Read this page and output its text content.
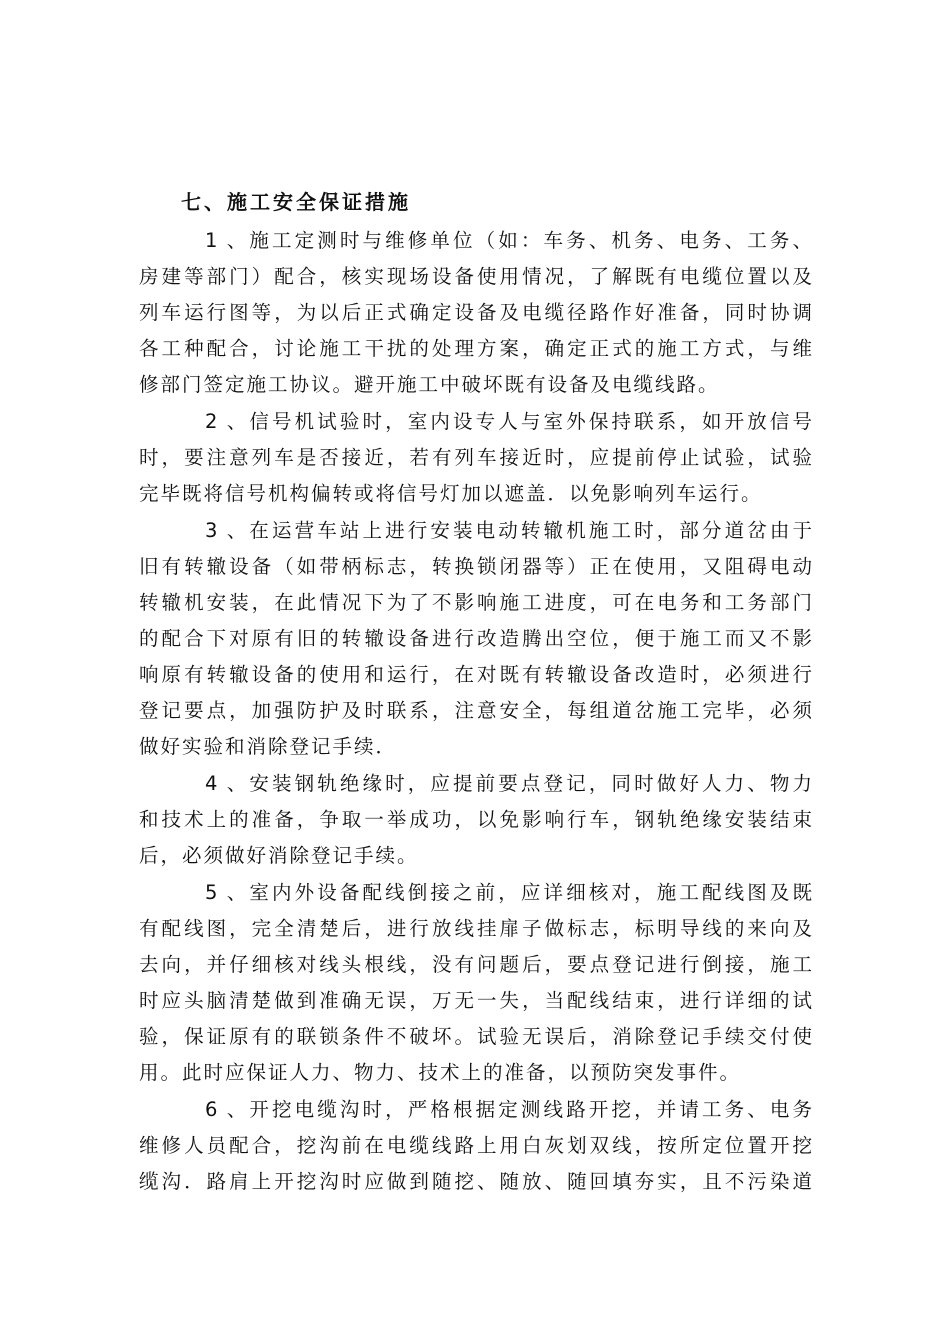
七、施工安全保证措施
1 、施工定测时与维修单位（如：车务、机务、电务、工务、
房建等部门）配合，核实现场设备使用情况，了解既有电缆位置以及
列车运行图等，为以后正式确定设备及电缆径路作好准备，同时协调
各工种配合，讨论施工干扰的处理方案，确定正式的施工方式，与维
修部门签定施工协议。避开施工中破坏既有设备及电缆线路。
2 、信号机试验时，室内设专人与室外保持联系，如开放信号
时，要注意列车是否接近，若有列车接近时，应提前停止试验，试验
完毕既将信号机构偏转或将信号灯加以遮盖．以免影响列车运行。
3 、在运营车站上进行安装电动转辙机施工时，部分道岔由于
旧有转辙设备（如带柄标志，转换锁闭器等）正在使用，又阻碍电动
转辙机安装，在此情况下为了不影响施工进度，可在电务和工务部门
的配合下对原有旧的转辙设备进行改造腾出空位，便于施工而又不影
响原有转辙设备的使用和运行，在对既有转辙设备改造时，必须进行
登记要点，加强防护及时联系，注意安全，每组道岔施工完毕，必须
做好实验和消除登记手续．
4 、安装钢轨绝缘时，应提前要点登记，同时做好人力、物力
和技术上的准备，争取一举成功，以免影响行车，钢轨绝缘安装结束
后，必须做好消除登记手续。
5 、室内外设备配线倒接之前，应详细核对，施工配线图及既
有配线图，完全清楚后，进行放线挂扉子做标志，标明导线的来向及
去向，并仔细核对线头根线，没有问题后，要点登记进行倒接，施工
时应头脑清楚做到准确无误，万无一失，当配线结束，进行详细的试
验，保证原有的联锁条件不破坏。试验无误后，消除登记手续交付使
用。此时应保证人力、物力、技术上的准备，以预防突发事件。
6 、开挖电缆沟时，严格根据定测线路开挖，并请工务、电务
维修人员配合，挖沟前在电缆线路上用白灰划双线，按所定位置开挖
缆沟．路肩上开挖沟时应做到随挖、随放、随回填夯实，且不污染道
